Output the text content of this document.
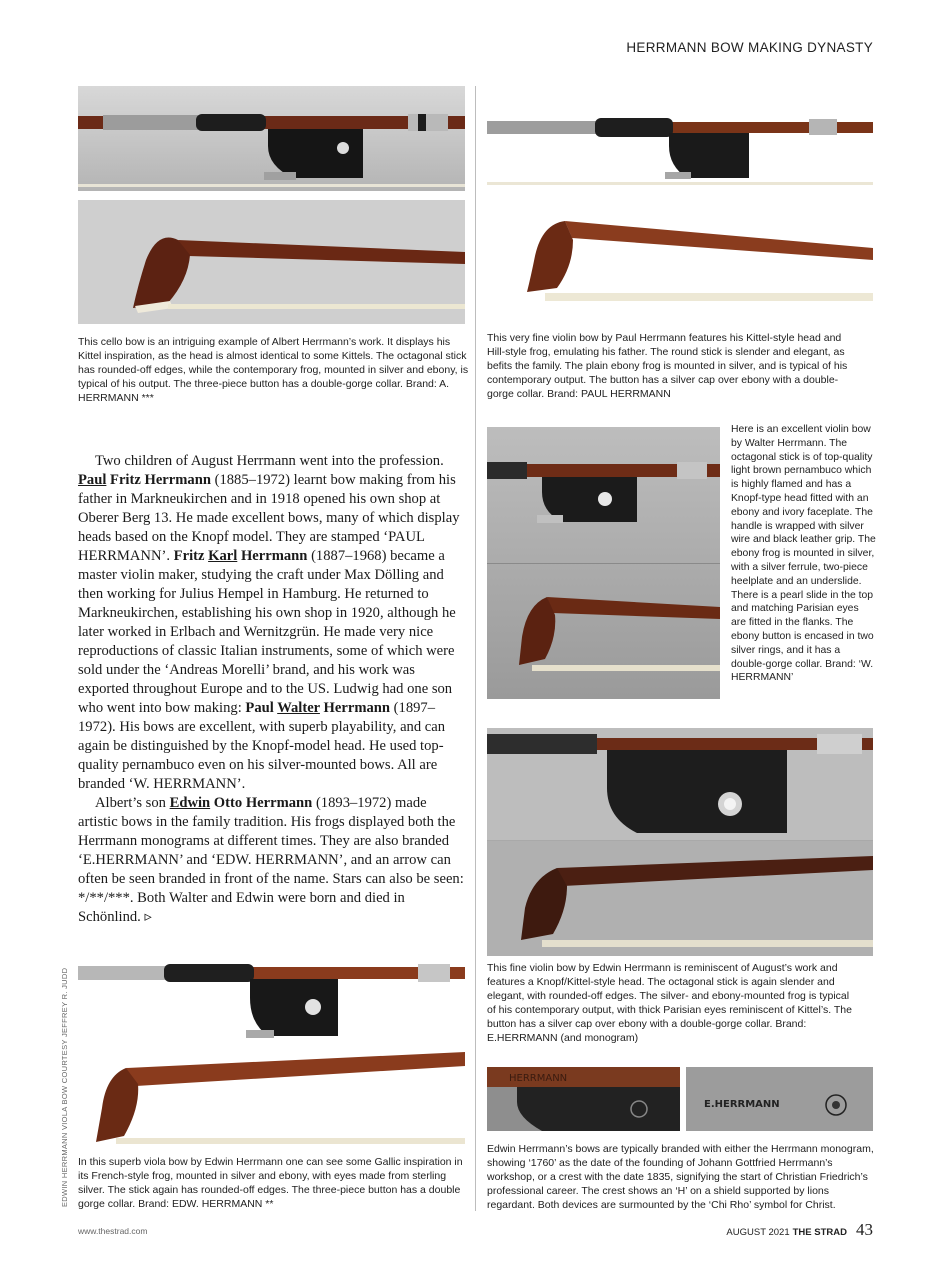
HERRMANN BOW MAKING DYNASTY
EDWIN HERRMANN VIOLA BOW COURTESY JEFFREY R. JUDD
This cello bow is an intriguing example of Albert Herrmann’s work. It displays his Kittel inspiration, as the head is almost identical to some Kittels. The octagonal stick has rounded-off edges, while the contemporary frog, mounted in silver and ebony, is typical of his output. The three-piece button has a double-gorge collar. Brand: A. HERRMANN ***
This very fine violin bow by Paul Herrmann features his Kittel-style head and Hill-style frog, emulating his father. The round stick is slender and elegant, as befits the family. The plain ebony frog is mounted in silver, and is typical of his contemporary output. The button has a silver cap over ebony with a double-gorge collar. Brand: PAUL HERRMANN
Here is an excellent violin bow by Walter Herrmann. The octagonal stick is of top-quality light brown pernambuco which is highly flamed and has a Knopf-type head fitted with an ebony and ivory faceplate. The handle is wrapped with silver wire and black leather grip. The ebony frog is mounted in silver, with a silver ferrule, two-piece heelplate and an underslide. There is a pearl slide in the top and matching Parisian eyes are fitted in the flanks. The ebony button is encased in two silver rings, and it has a double-gorge collar. Brand: ‘W. HERRMANN’
This fine violin bow by Edwin Herrmann is reminiscent of August’s work and features a Knopf/Kittel-style head. The octagonal stick is again slender and elegant, with rounded-off edges. The silver- and ebony-mounted frog is typical of his contemporary output, with thick Parisian eyes reminiscent of Kittel’s. The button has a silver cap over ebony with a double-gorge collar. Brand: E.HERRMANN (and monogram)
HERRMANN
E.HERRMANN
Edwin Herrmann’s bows are typically branded with either the Herrmann monogram, showing ‘1760’ as the date of the founding of Johann Gottfried Herrmann’s workshop, or a crest with the date 1835, signifying the start of Christian Friedrich’s professional career. The crest shows an ‘H’ on a shield supported by lions regardant. Both devices are surmounted by the ‘Chi Rho’ symbol for Christ.
In this superb viola bow by Edwin Herrmann one can see some Gallic inspiration in its French-style frog, mounted in silver and ebony, with eyes made from sterling silver. The stick again has rounded-off edges. The three-piece button has a double gorge collar. Brand: EDW. HERRMANN **

Two children of August Herrmann went into the profession. Paul Fritz Herrmann (1885–1972) learnt bow making from his father in Markneukirchen and in 1918 opened his own shop at Oberer Berg 13. He made excellent bows, many of which display heads based on the Knopf model. They are stamped ‘PAUL HERRMANN’. Fritz Karl Herrmann (1887–1968) became a master violin maker, studying the craft under Max Dölling and then working for Julius Hempel in Hamburg. He returned to Markneukirchen, establishing his own shop in 1920, although he later worked in Erlbach and Wernitzgrün. He made very nice reproductions of classic Italian instruments, some of which were sold under the ‘Andreas Morelli’ brand, and his work was exported throughout Europe and to the US. Ludwig had one son who went into bow making: Paul Walter Herrmann (1897–1972). His bows are excellent, with superb playability, and can again be distinguished by the Knopf-model head. He used top-quality pernambuco even on his silver-mounted bows. All are branded ‘W. HERRMANN’.

Albert’s son Edwin Otto Herrmann (1893–1972) made artistic bows in the family tradition. His frogs displayed both the Herrmann monograms at different times. They are also branded ‘E.HERRMANN’ and ‘EDW. HERRMANN’, and an arrow can often be seen branded in front of the name. Stars can also be seen: */**/***. Both Walter and Edwin were born and died in Schönlind. ▹

www.thestrad.com	AUGUST 2021 THE STRAD 43
